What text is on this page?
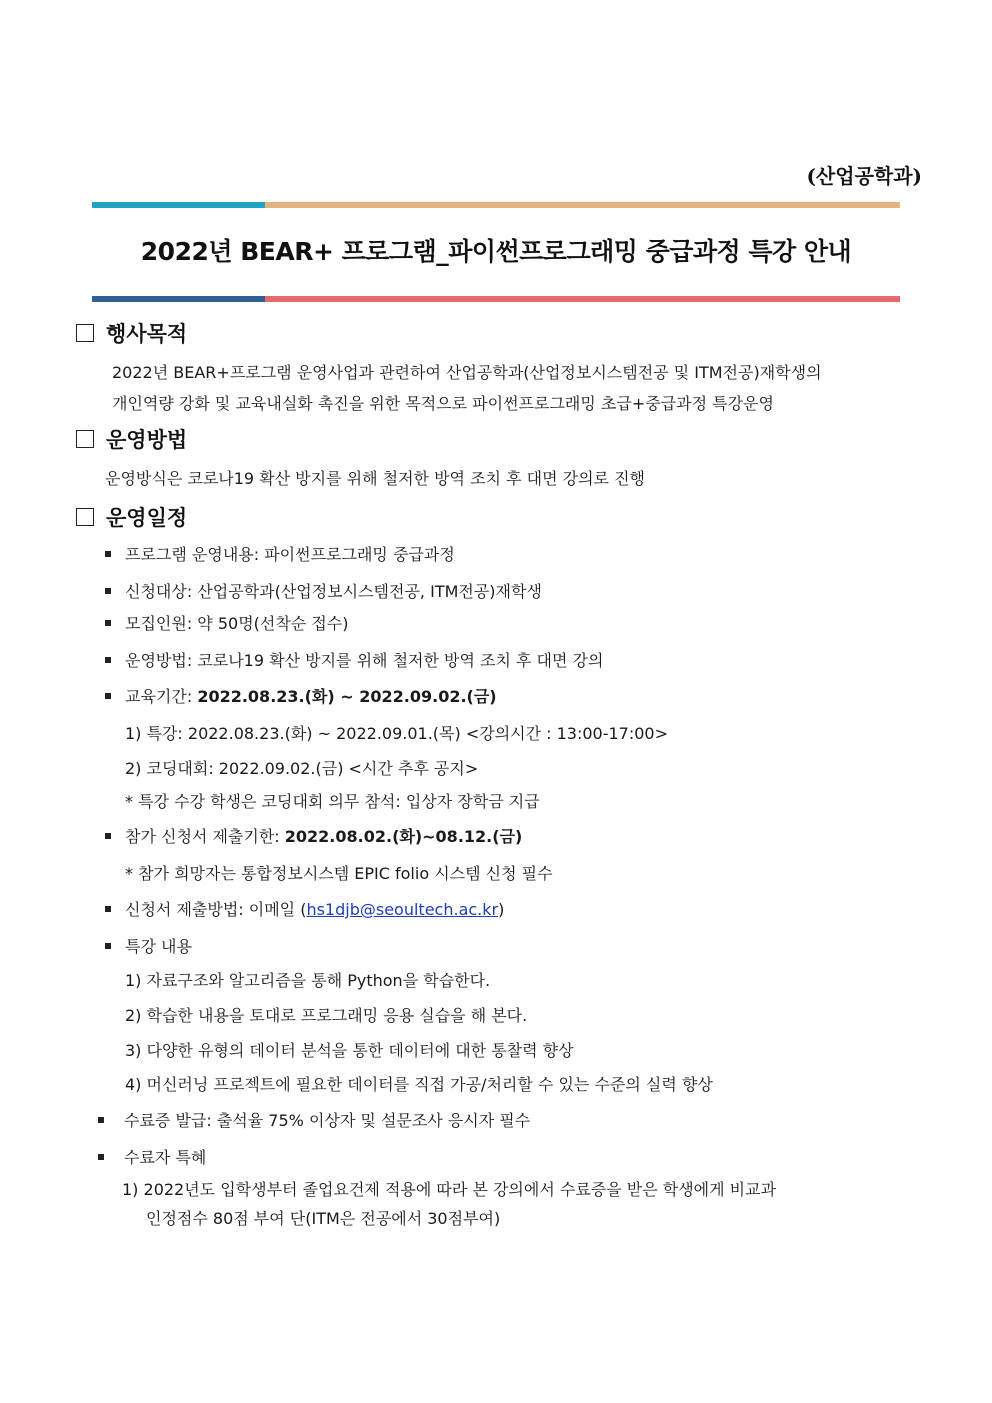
(산업공학과)
2022년 BEAR+ 프로그램_파이썬프로그래밍 중급과정 특강 안내
행사목적
2022년 BEAR+프로그램 운영사업과 관련하여 산업공학과(산업정보시스템전공 및 ITM전공)재학생의
개인역량 강화 및 교육내실화 촉진을 위한 목적으로 파이썬프로그래밍 초급+중급과정 특강운영
운영방법
운영방식은 코로나19 확산 방지를 위해 철저한 방역 조치 후 대면 강의로 진행
운영일정
프로그램 운영내용: 파이썬프로그래밍 중급과정
신청대상: 산업공학과(산업정보시스템전공, ITM전공)재학생
모집인원: 약 50명(선착순 접수)
운영방법: 코로나19 확산 방지를 위해 철저한 방역 조치 후 대면 강의
교육기간: 2022.08.23.(화) ~ 2022.09.02.(금)
1) 특강: 2022.08.23.(화) ~ 2022.09.01.(목) <강의시간 : 13:00-17:00>
2) 코딩대회: 2022.09.02.(금) <시간 추후 공지>
* 특강 수강 학생은 코딩대회 의무 참석: 입상자 장학금 지급
참가 신청서 제출기한: 2022.08.02.(화)~08.12.(금)
* 참가 희망자는 통합정보시스템 EPIC folio 시스템 신청 필수
신청서 제출방법: 이메일 (hs1djb@seoultech.ac.kr)
특강 내용
1) 자료구조와 알고리즘을 통해 Python을 학습한다.
2) 학습한 내용을 토대로 프로그래밍 응용 실습을 해 본다.
3) 다양한 유형의 데이터 분석을 통한 데이터에 대한 통찰력 향상
4) 머신러닝 프로젝트에 필요한 데이터를 직접 가공/처리할 수 있는 수준의 실력 향상
수료증 발급: 출석율 75% 이상자 및 설문조사 응시자 필수
수료자 특혜
1) 2022년도 입학생부터 졸업요건제 적용에 따라 본 강의에서 수료증을 받은 학생에게 비교과
인정점수 80점 부여 단(ITM은 전공에서 30점부여)
